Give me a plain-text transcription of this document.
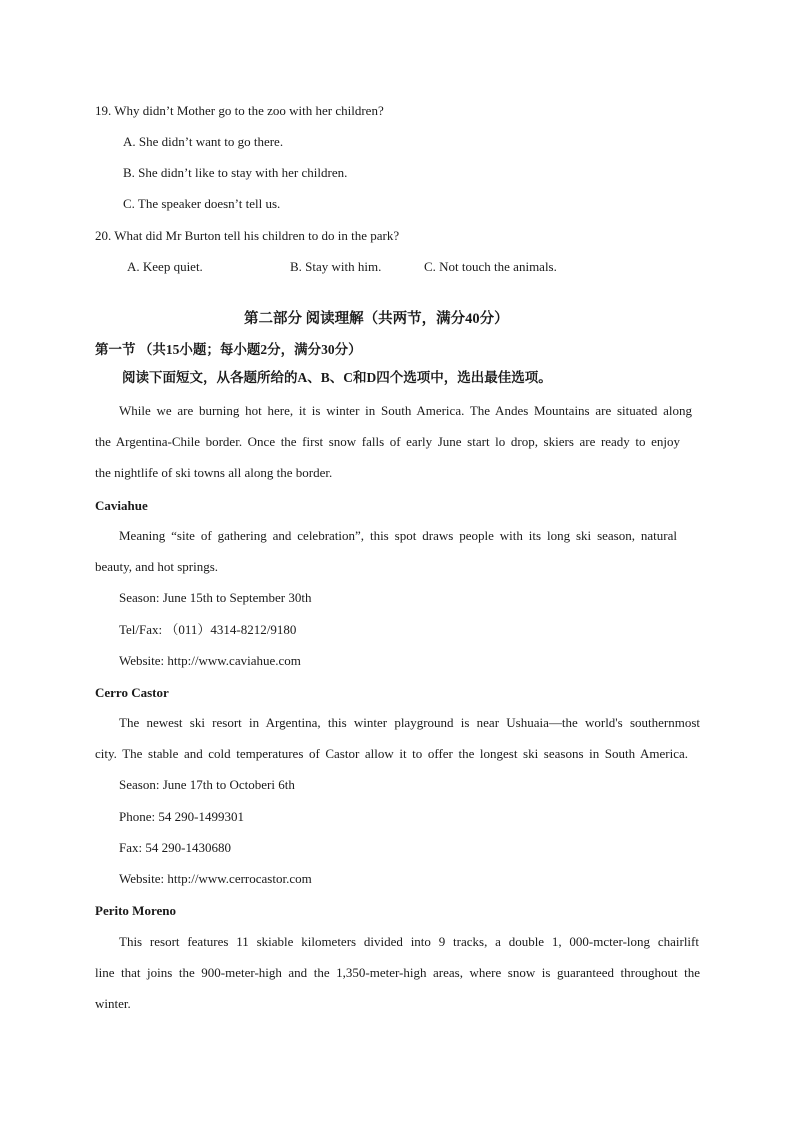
19. Why didn’t Mother go to the zoo with her children?
A. She didn’t want to go there.
B. She didn’t like to stay with her children.
C. The speaker doesn’t tell us.
20. What did Mr Burton tell his children to do in the park?
A. Keep quiet.	B. Stay with him.	C. Not touch the animals.
第二部分 阅读理解（共两节，满分40分）
第一节 （共15小题；每小题2分，满分30分）
阅读下面短文，从各题所给的A、B、C和D四个选项中，选出最佳选项。
While we are burning hot here, it is winter in South America. The Andes Mountains are situated along
the Argentina-Chile border. Once the first snow falls of early June start lo drop, skiers are ready to enjoy
the nightlife of ski towns all along the border.
Caviahue
Meaning “site of gathering and celebration”, this spot draws people with its long ski season, natural
beauty, and hot springs.
Season: June 15th to September 30th
Tel/Fax: （011）4314-8212/9180
Website: http://www.caviahue.com
Cerro Castor
The newest ski resort in Argentina, this winter playground is near Ushuaia—the world's southernmost
city. The stable and cold temperatures of Castor allow it to offer the longest ski seasons in South America.
Season: June 17th to Octoberi 6th
Phone: 54 290-1499301
Fax: 54 290-1430680
Website: http://www.cerrocastor.com
Perito Moreno
This resort features 11 skiable kilometers divided into 9 tracks, a double 1, 000-mcter-long chairlift
line that joins the 900-meter-high and the 1,350-meter-high areas, where snow is guaranteed throughout the
winter.
